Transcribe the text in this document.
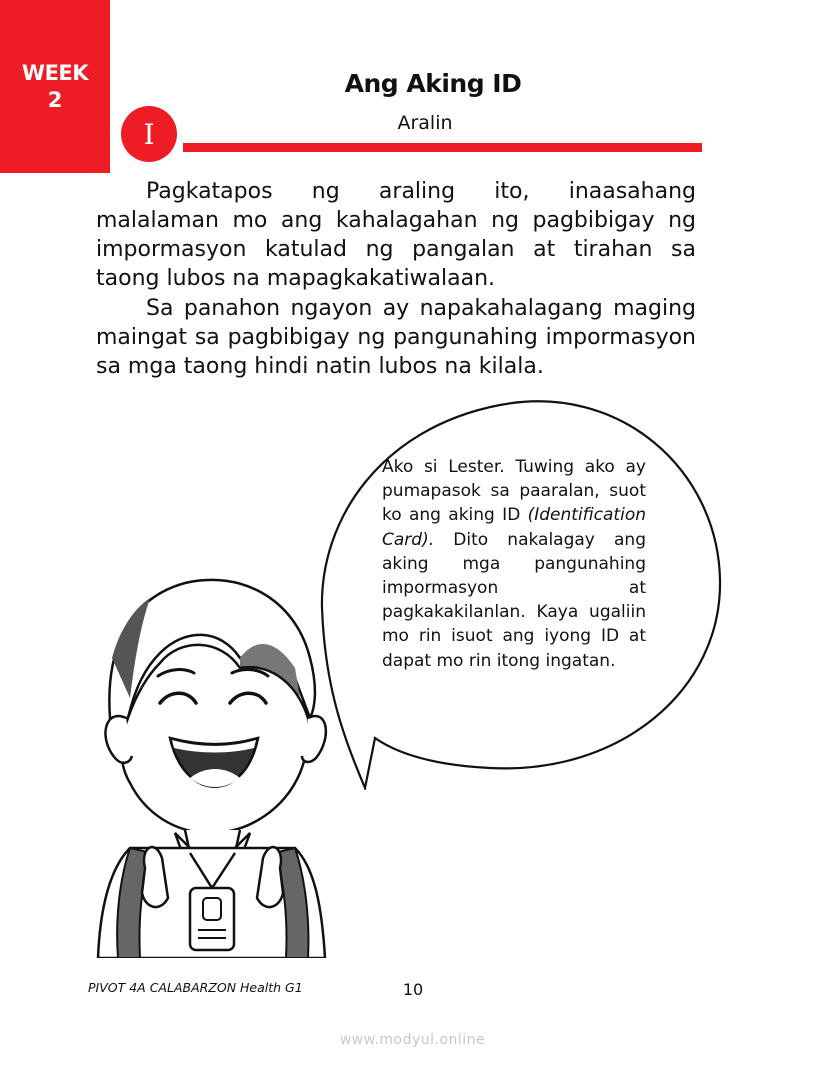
WEEK
2
Ang Aking ID
I	Aralin

Pagkatapos ng araling ito, inaasahang malalaman mo ang kahalagahan ng pagbibigay ng impormasyon katulad ng pangalan at tirahan sa taong lubos na mapagkakatiwalaan.

Sa panahon ngayon ay napakahalagang maging maingat sa pagbibigay ng pangunahing impormasyon sa mga taong hindi natin lubos na kilala.

Ako si Lester. Tuwing ako ay pumapasok sa paaralan, suot ko ang aking ID (Identification Card). Dito nakalagay ang aking mga pangunahing impormasyon at pagkakakilanlan. Kaya ugaliin mo rin isuot ang iyong ID at dapat mo rin itong ingatan.

PIVOT 4A CALABARZON Health G1	10
www.modyul.online
